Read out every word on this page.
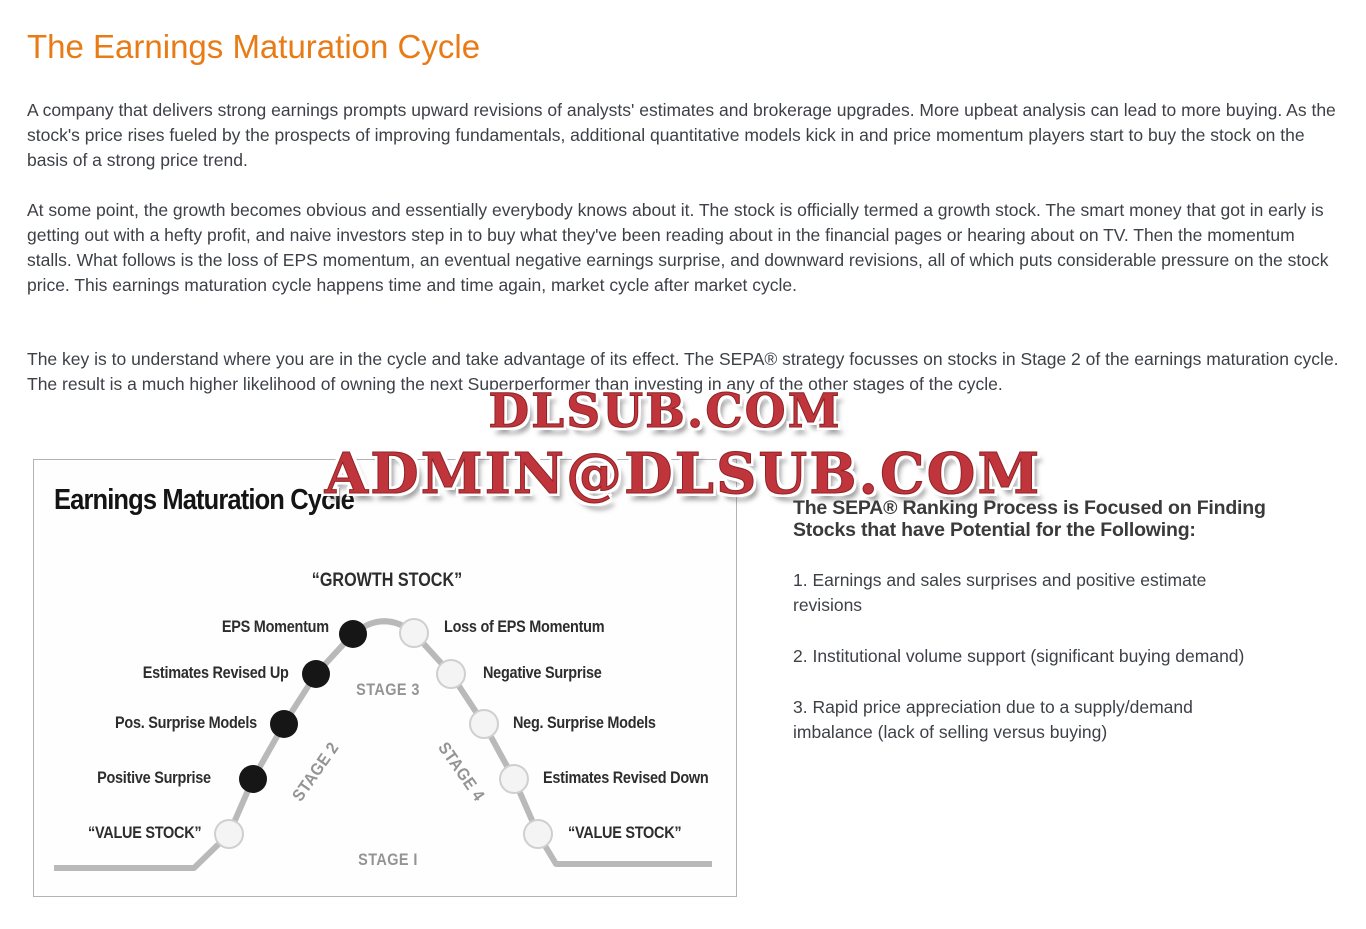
The Earnings Maturation Cycle

A company that delivers strong earnings prompts upward revisions of analysts' estimates and brokerage upgrades. More upbeat analysis can lead to more buying. As the stock's price rises fueled by the prospects of improving fundamentals, additional quantitative models kick in and price momentum players start to buy the stock on the basis of a strong price trend.

At some point, the growth becomes obvious and essentially everybody knows about it. The stock is officially termed a growth stock. The smart money that got in early is getting out with a hefty profit, and naive investors step in to buy what they've been reading about in the financial pages or hearing about on TV. Then the momentum stalls. What follows is the loss of EPS momentum, an eventual negative earnings surprise, and downward revisions, all of which puts considerable pressure on the stock price. This earnings maturation cycle happens time and time again, market cycle after market cycle.

The key is to understand where you are in the cycle and take advantage of its effect. The SEPA® strategy focusses on stocks in Stage 2 of the earnings maturation cycle. The result is a much higher likelihood of owning the next Superperformer than investing in any of the other stages of the cycle.

DLSUB.COM
ADMIN@DLSUB.COM
Earnings Maturation Cycle
“GROWTH STOCK”
EPS Momentum
Estimates Revised Up
Pos. Surprise Models
Positive Surprise
“VALUE STOCK”
Loss of EPS Momentum
Negative Surprise
Neg. Surprise Models
Estimates Revised Down
“VALUE STOCK”
STAGE 3
STAGE I
STAGE 2	STAGE 4
The SEPA® Ranking Process is Focused on Finding Stocks that have Potential for the Following:

1. Earnings and sales surprises and positive estimate revisions

2. Institutional volume support (significant buying demand)

3. Rapid price appreciation due to a supply/demand imbalance (lack of selling versus buying)
